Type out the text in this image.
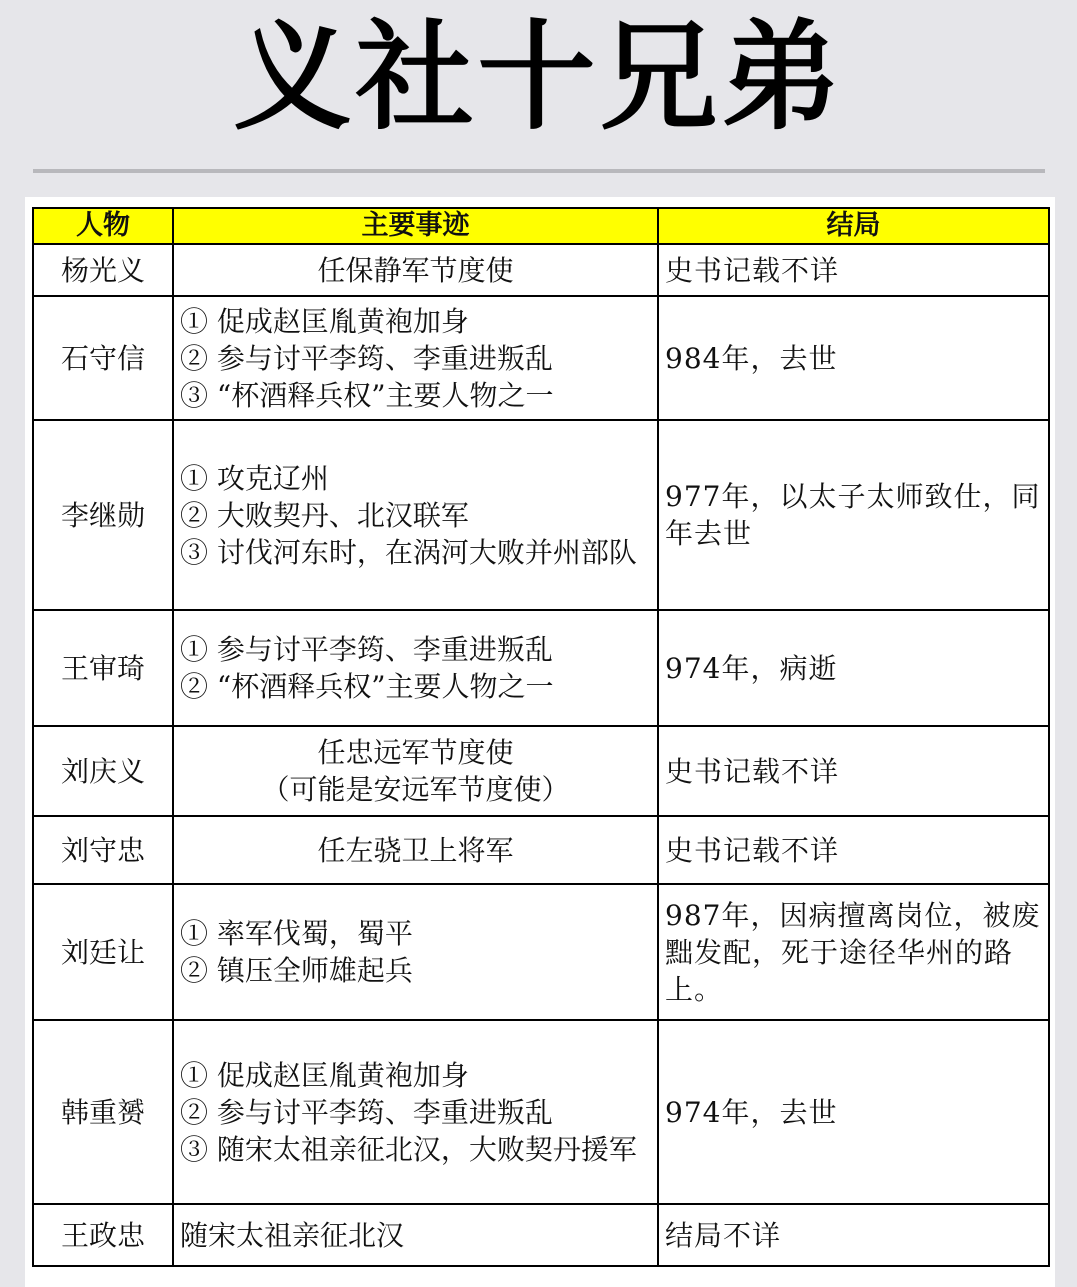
义社十兄弟
人物	主要事迹	结局
杨光义	任保静军节度使	史书记载不详
石守信	① 促成赵匡胤黄袍加身
② 参与讨平李筠、李重进叛乱
③ “杯酒释兵权”主要人物之一	984年，去世
李继勋	① 攻克辽州
② 大败契丹、北汉联军
③ 讨伐河东时，在涡河大败并州部队	977年，以太子太师致仕，同年去世
王审琦	① 参与讨平李筠、李重进叛乱
② “杯酒释兵权”主要人物之一	974年，病逝
刘庆义	任忠远军节度使
（可能是安远军节度使）	史书记载不详
刘守忠	任左骁卫上将军	史书记载不详
刘廷让	① 率军伐蜀，蜀平
② 镇压全师雄起兵	987年，因病擅离岗位，被废黜发配，死于途径华州的路上。
韩重赟	① 促成赵匡胤黄袍加身
② 参与讨平李筠、李重进叛乱
③ 随宋太祖亲征北汉，大败契丹援军	974年，去世
王政忠	随宋太祖亲征北汉	结局不详
